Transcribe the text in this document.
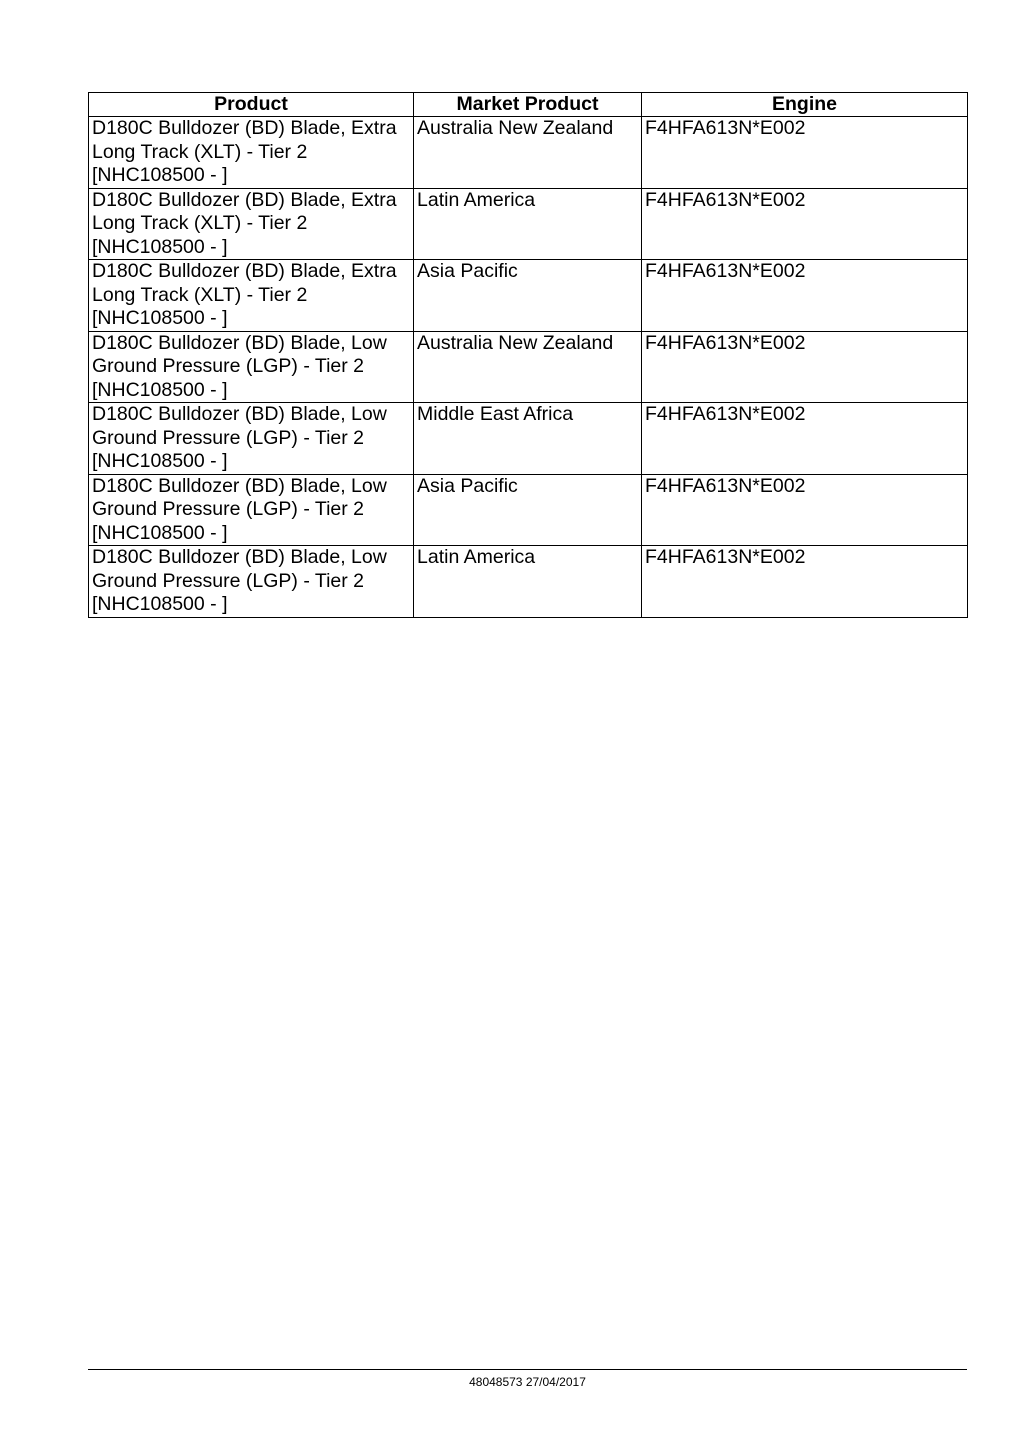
Product	Market Product	Engine
D180C Bulldozer (BD) Blade, Extra Long Track (XLT) - Tier 2 [NHC108500 - ]	Australia New Zealand	F4HFA613N*E002
D180C Bulldozer (BD) Blade, Extra Long Track (XLT) - Tier 2 [NHC108500 - ]	Latin America	F4HFA613N*E002
D180C Bulldozer (BD) Blade, Extra Long Track (XLT) - Tier 2 [NHC108500 - ]	Asia Pacific	F4HFA613N*E002
D180C Bulldozer (BD) Blade, Low Ground Pressure (LGP) - Tier 2 [NHC108500 - ]	Australia New Zealand	F4HFA613N*E002
D180C Bulldozer (BD) Blade, Low Ground Pressure (LGP) - Tier 2 [NHC108500 - ]	Middle East Africa	F4HFA613N*E002
D180C Bulldozer (BD) Blade, Low Ground Pressure (LGP) - Tier 2 [NHC108500 - ]	Asia Pacific	F4HFA613N*E002
D180C Bulldozer (BD) Blade, Low Ground Pressure (LGP) - Tier 2 [NHC108500 - ]	Latin America	F4HFA613N*E002
48048573 27/04/2017
